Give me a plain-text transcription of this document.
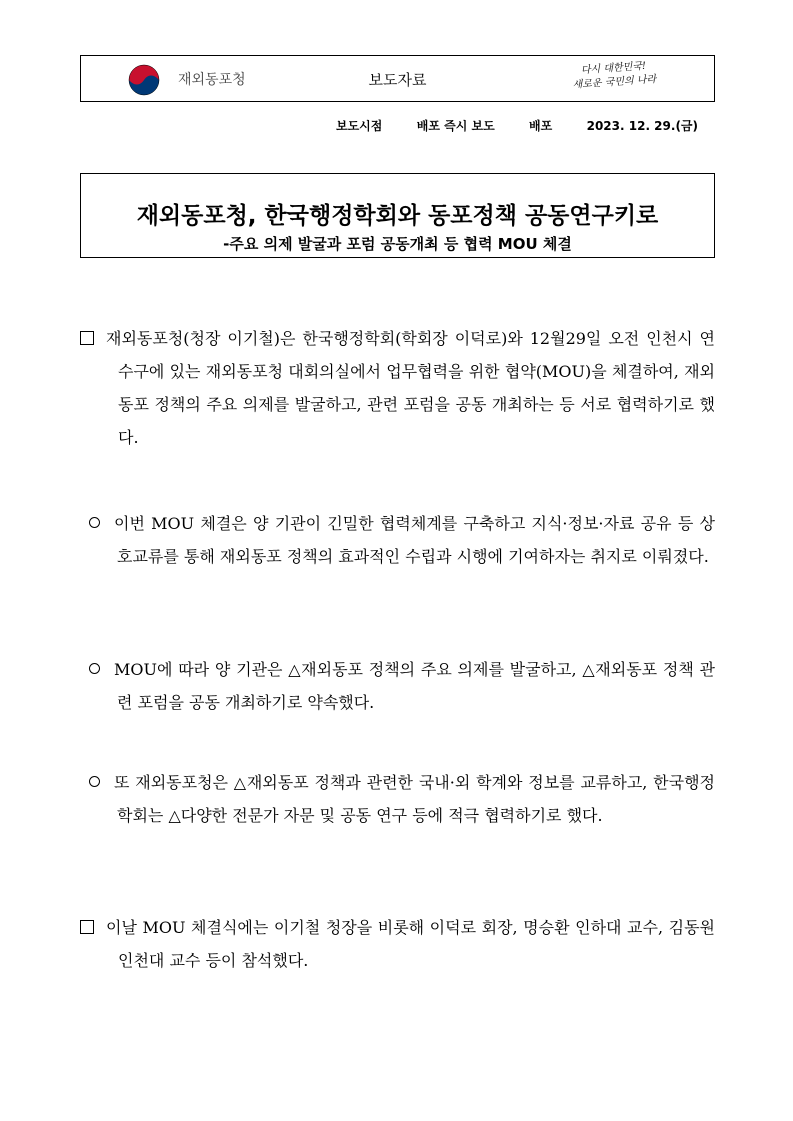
재외동포청	보도자료
다시 대한민국!
새로운 국민의 나라
보도시점	배포 즉시 보도	배포	2023. 12. 29.(금)
재외동포청, 한국행정학회와 동포정책 공동연구키로
-주요 의제 발굴과 포럼 공동개최 등 협력 MOU 체결
재외동포청(청장 이기철)은 한국행정학회(학회장 이덕로)와 12월29일 오전 인천시 연수구에 있는 재외동포청 대회의실에서 업무협력을 위한 협약(MOU)을 체결하여, 재외동포 정책의 주요 의제를 발굴하고, 관련 포럼을 공동 개최하는 등 서로 협력하기로 했다.
이번 MOU 체결은 양 기관이 긴밀한 협력체계를 구축하고 지식·정보·자료 공유 등 상호교류를 통해 재외동포 정책의 효과적인 수립과 시행에 기여하자는 취지로 이뤄졌다.
MOU에 따라 양 기관은 △재외동포 정책의 주요 의제를 발굴하고, △재외동포 정책 관련 포럼을 공동 개최하기로 약속했다.
또 재외동포청은 △재외동포 정책과 관련한 국내·외 학계와 정보를 교류하고, 한국행정학회는 △다양한 전문가 자문 및 공동 연구 등에 적극 협력하기로 했다.
이날 MOU 체결식에는 이기철 청장을 비롯해 이덕로 회장, 명승환 인하대 교수, 김동원 인천대 교수 등이 참석했다.
